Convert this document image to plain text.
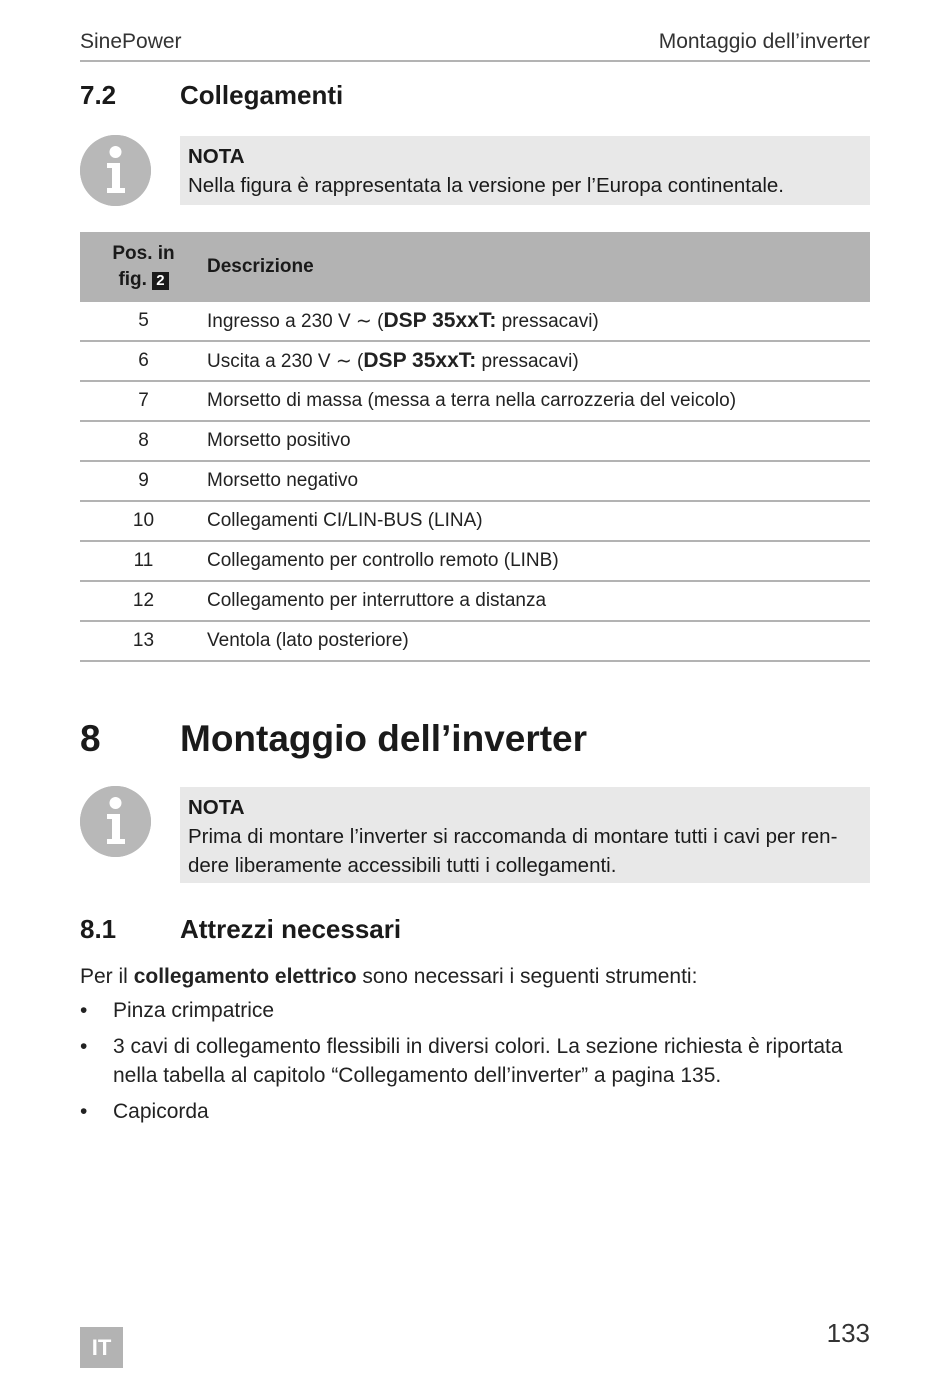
SinePower	Montaggio dell’inverter
7.2 Collegamenti
NOTA
Nella figura è rappresentata la versione per l’Europa continentale.
Pos. in
fig. 2	Descrizione
5	Ingresso a 230 V ∼ (DSP 35xxT: pressacavi)
6	Uscita a 230 V ∼ (DSP 35xxT: pressacavi)
7	Morsetto di massa (messa a terra nella carrozzeria del veicolo)
8	Morsetto positivo
9	Morsetto negativo
10	Collegamenti CI/LIN-BUS (LINA)
11	Collegamento per controllo remoto (LINB)
12	Collegamento per interruttore a distanza
13	Ventola (lato posteriore)
8 Montaggio dell’inverter
NOTA
Prima di montare l’inverter si raccomanda di montare tutti i cavi per ren-dere liberamente accessibili tutti i collegamenti.
8.1 Attrezzi necessari
Per il collegamento elettrico sono necessari i seguenti strumenti:
• Pinza crimpatrice
• 3 cavi di collegamento flessibili in diversi colori. La sezione richiesta è riportata nella tabella al capitolo “Collegamento dell’inverter” a pagina 135.
• Capicorda
IT	133
